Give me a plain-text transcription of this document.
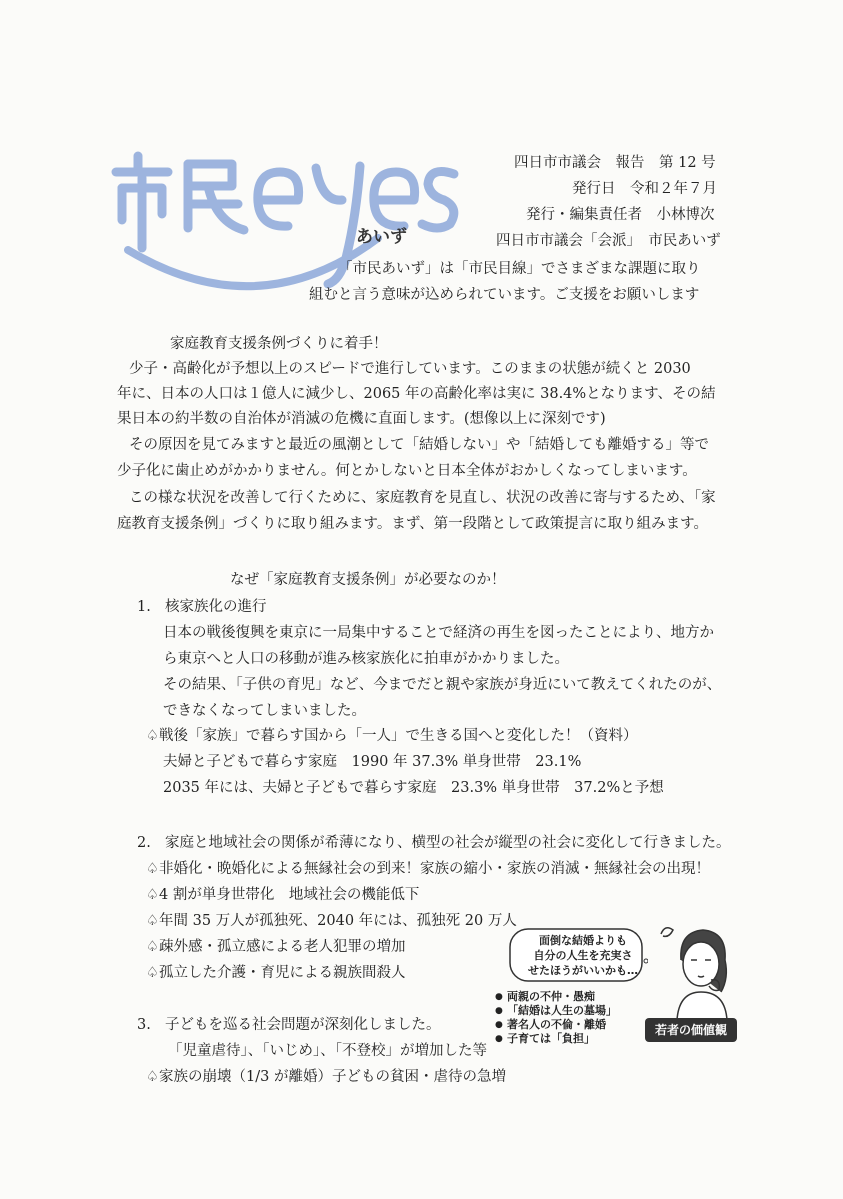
あいず
四日市市議会　報告　第 12 号
発行日　令和２年７月
発行・編集責任者　小林博次
四日市市議会「会派」　市民あいず
「市民あいず」は「市民目線」でさまざまな課題に取り
組むと言う意味が込められています。ご支援をお願いします
家庭教育支援条例づくりに着手！
少子・高齢化が予想以上のスピードで進行しています。このままの状態が続くと 2030
年に、日本の人口は１億人に減少し、2065 年の高齢化率は実に 38.4%となります、その結
果日本の約半数の自治体が消滅の危機に直面します。(想像以上に深刻です)
その原因を見てみますと最近の風潮として「結婚しない」や「結婚しても離婚する」等で
少子化に歯止めがかかりません。何とかしないと日本全体がおかしくなってしまいます。
この様な状況を改善して行くために、家庭教育を見直し、状況の改善に寄与するため、「家
庭教育支援条例」づくりに取り組みます。まず、第一段階として政策提言に取り組みます。
なぜ「家庭教育支援条例」が必要なのか！
1. 核家族化の進行
日本の戦後復興を東京に一局集中することで経済の再生を図ったことにより、地方か
ら東京へと人口の移動が進み核家族化に拍車がかかりました。
その結果、「子供の育児」など、今までだと親や家族が身近にいて教えてくれたのが、
できなくなってしまいました。
♤戦後「家族」で暮らす国から「一人」で生きる国へと変化した！（資料）
夫婦と子どもで暮らす家庭　1990 年 37.3% 単身世帯　23.1%
2035 年には、夫婦と子どもで暮らす家庭　23.3% 単身世帯　37.2%と予想
2. 家庭と地域社会の関係が希薄になり、横型の社会が縦型の社会に変化して行きました。
♤非婚化・晩婚化による無縁社会の到来！家族の縮小・家族の消滅・無縁社会の出現！
♤4 割が単身世帯化　地域社会の機能低下
♤年間 35 万人が孤独死、2040 年には、孤独死 20 万人
♤疎外感・孤立感による老人犯罪の増加
♤孤立した介護・育児による親族間殺人
3. 子どもを巡る社会問題が深刻化しました。
「児童虐待」、「いじめ」、「不登校」が増加した等
♤家族の崩壊（1/3 が離婚）子どもの貧困・虐待の急増
面倒な結婚よりも
自分の人生を充実さ
せたほうがいいかも…
● 両親の不仲・愚痴
● 「結婚は人生の墓場」
● 著名人の不倫・離婚
● 子育ては「負担」
若者の価値観
